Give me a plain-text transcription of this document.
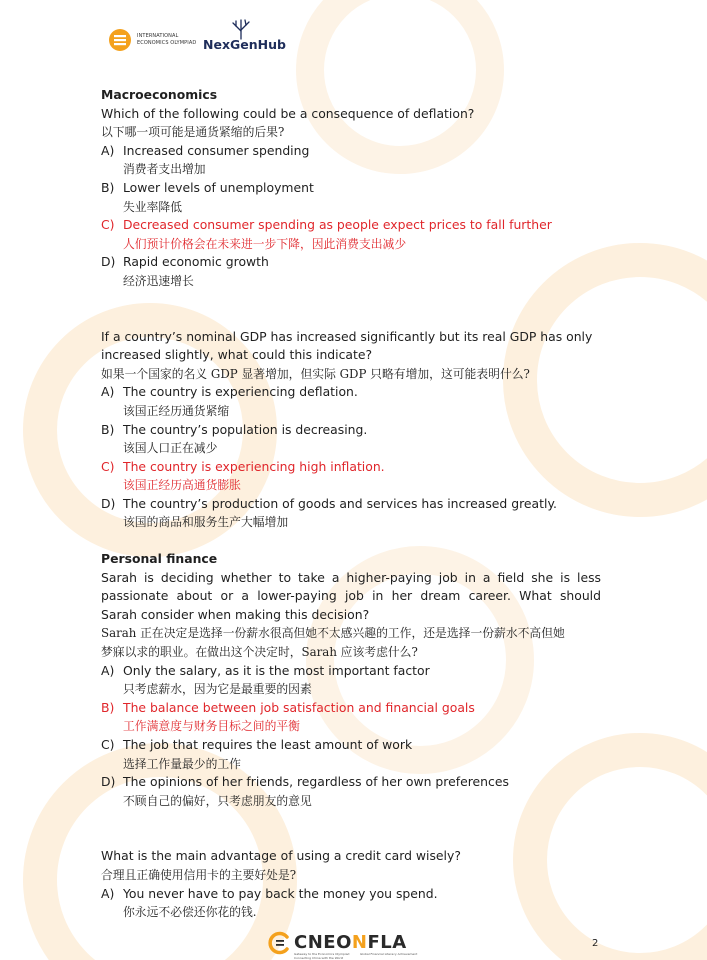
INTERNATIONAL
ECONOMICS OLYMPIAD NexGenHub
Macroeconomics
Which of the following could be a consequence of deflation?
以下哪一项可能是通货紧缩的后果?
A) Increased consumer spending
消费者支出增加
B) Lower levels of unemployment
失业率降低
C) Decreased consumer spending as people expect prices to fall further
人们预计价格会在未来进一步下降，因此消费支出减少
D) Rapid economic growth
经济迅速增长
If a country’s nominal GDP has increased significantly but its real GDP has only
increased slightly, what could this indicate?
如果一个国家的名义 GDP 显著增加，但实际 GDP 只略有增加，这可能表明什么?
A) The country is experiencing deflation.
该国正经历通货紧缩
B) The country’s population is decreasing.
该国人口正在减少
C) The country is experiencing high inflation.
该国正经历高通货膨胀
D) The country’s production of goods and services has increased greatly.
该国的商品和服务生产大幅增加
Personal finance
Sarah is deciding whether to take a higher-paying job in a field she is less
passionate about or a lower-paying job in her dream career. What should
Sarah consider when making this decision?
Sarah 正在决定是选择一份薪水很高但她不太感兴趣的工作，还是选择一份薪水不高但她
梦寐以求的职业。在做出这个决定时，Sarah 应该考虑什么?
A) Only the salary, as it is the most important factor
只考虑薪水，因为它是最重要的因素
B) The balance between job satisfaction and financial goals
工作满意度与财务目标之间的平衡
C) The job that requires the least amount of work
选择工作量最少的工作
D) The opinions of her friends, regardless of her own preferences
不顾自己的偏好，只考虑朋友的意见
What is the main advantage of using a credit card wisely?
合理且正确使用信用卡的主要好处是?
A) You never have to pay back the money you spend.
你永远不必偿还你花的钱.
CNEONFLA
Gateway to the Economics Olympiad
Connecting China with the World
Global Financial Literacy Achievement
2
